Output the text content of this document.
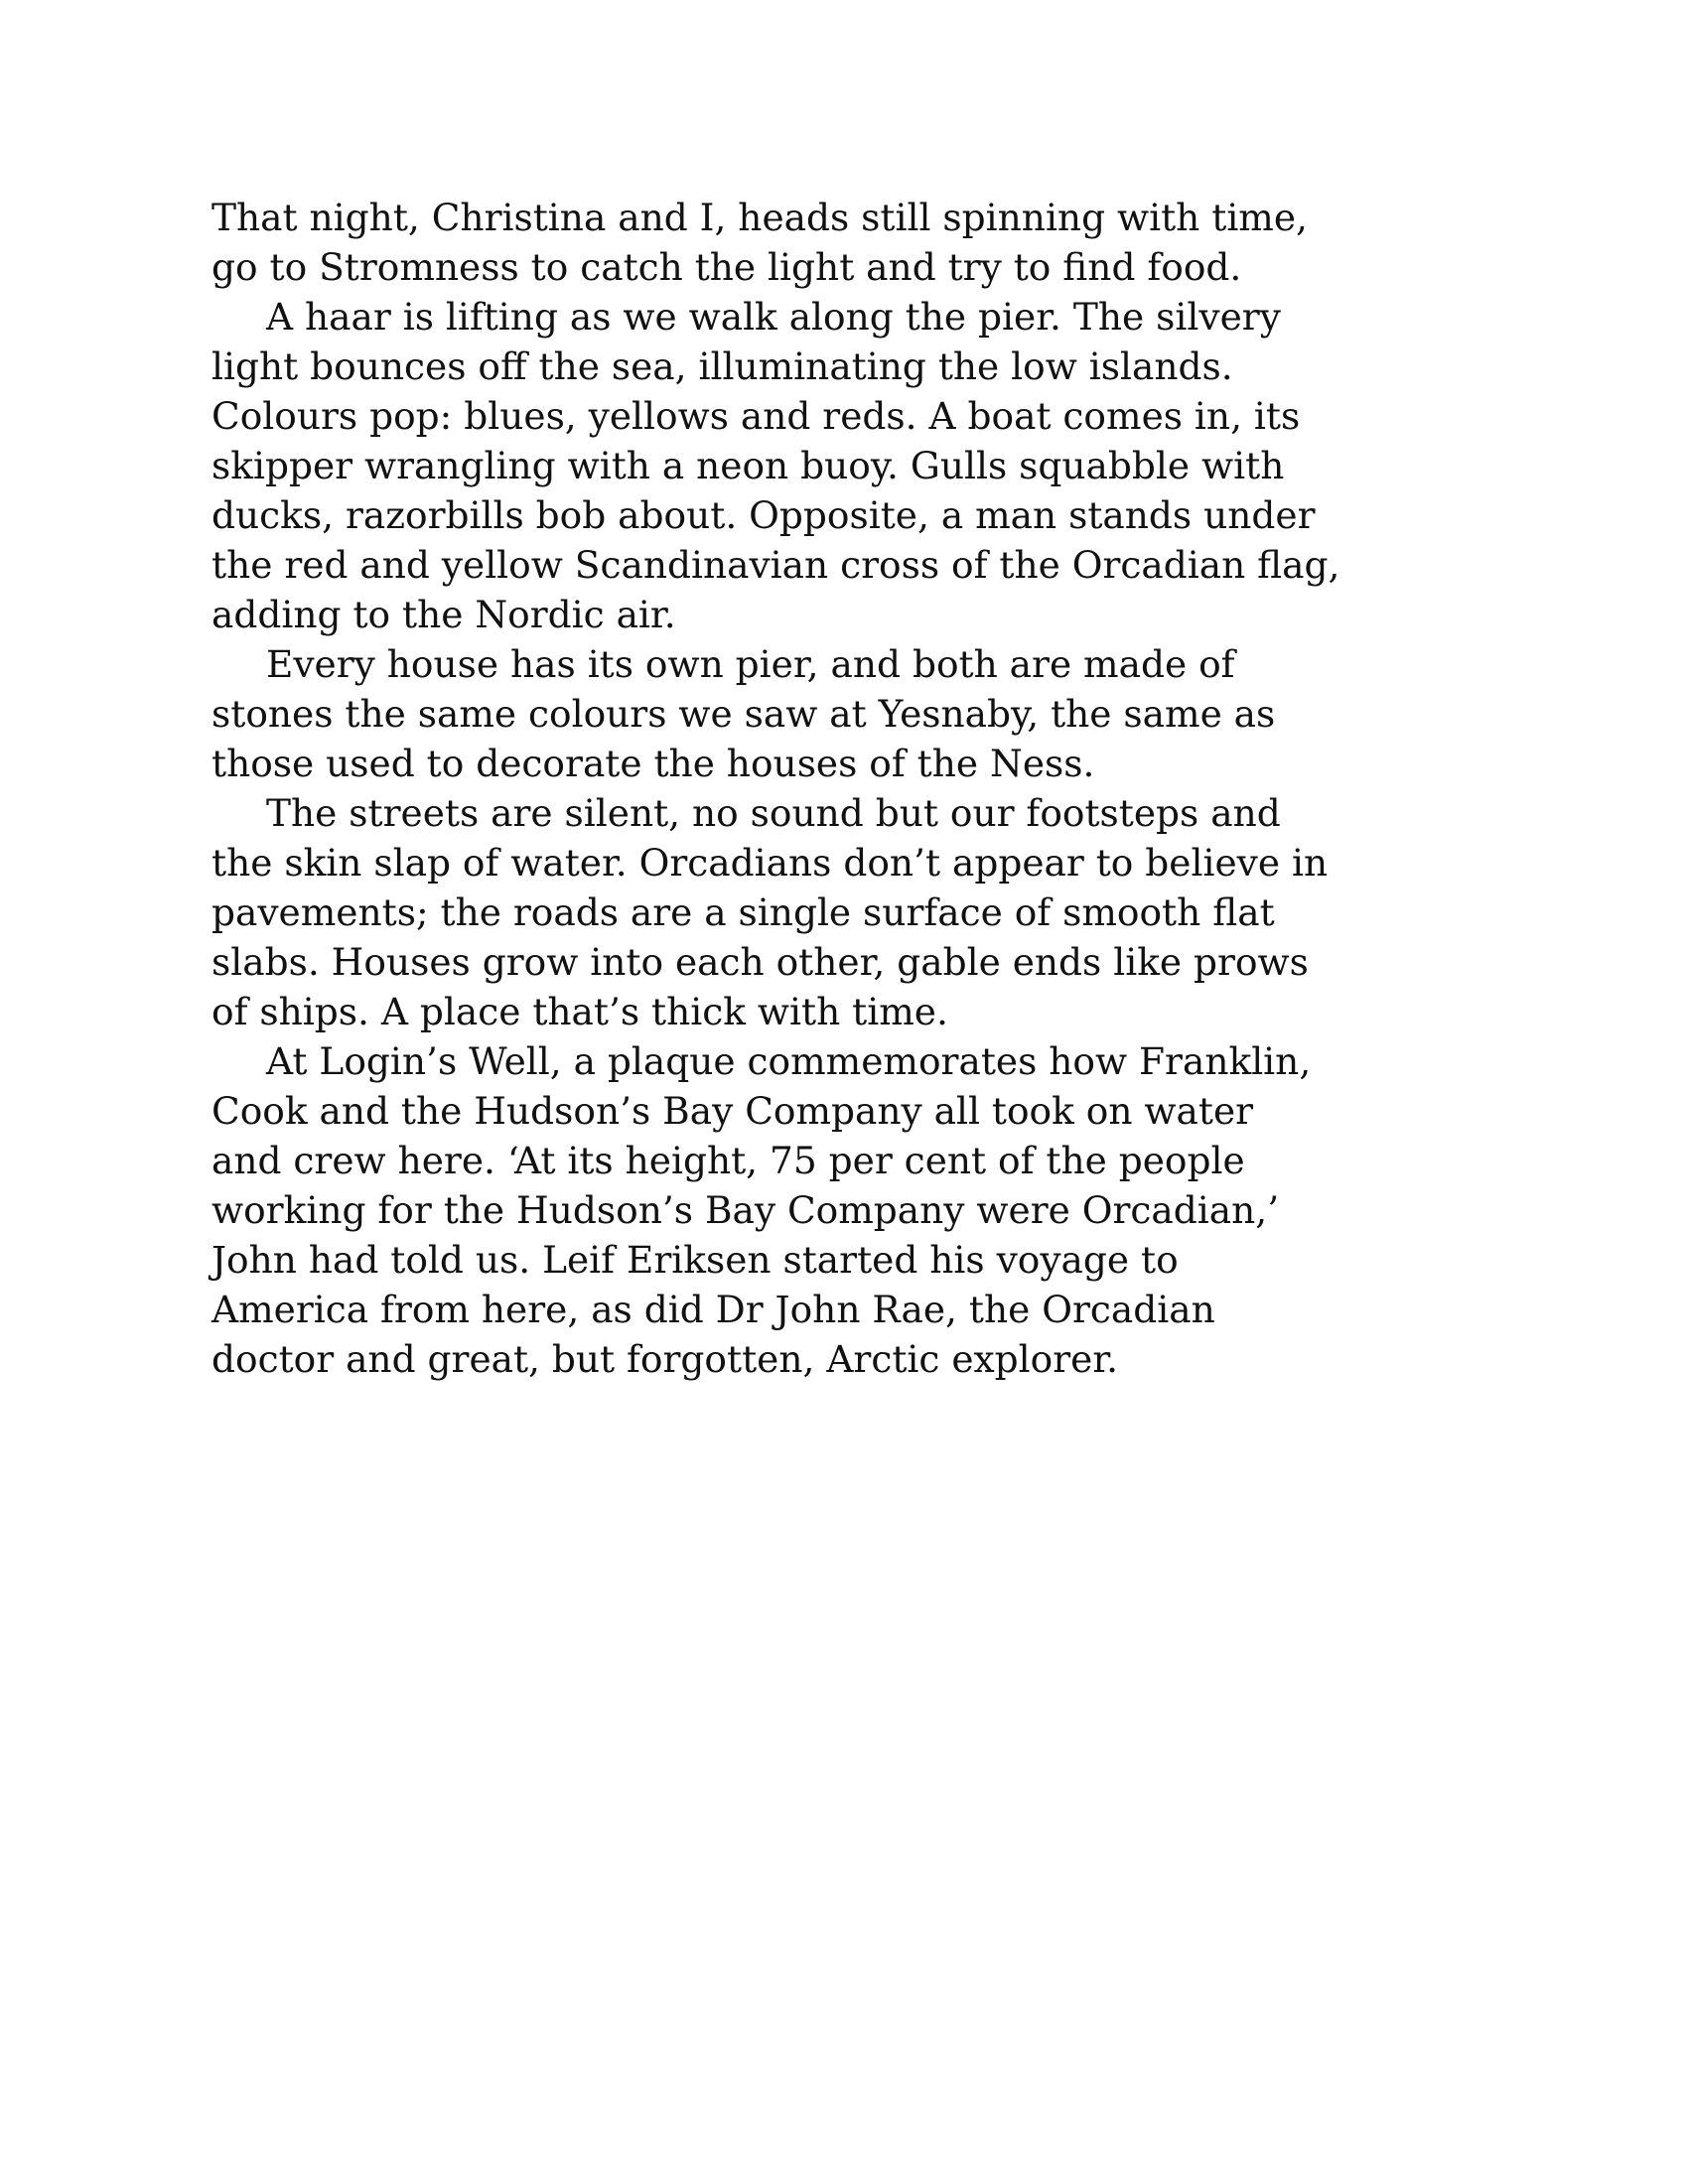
That night, Christina and I, heads still spinning with time,
go to Stromness to catch the light and try to find food.
A haar is lifting as we walk along the pier. The silvery
light bounces off the sea, illuminating the low islands.
Colours pop: blues, yellows and reds. A boat comes in, its
skipper wrangling with a neon buoy. Gulls squabble with
ducks, razorbills bob about. Opposite, a man stands under
the red and yellow Scandinavian cross of the Orcadian flag,
adding to the Nordic air.
Every house has its own pier, and both are made of
stones the same colours we saw at Yesnaby, the same as
those used to decorate the houses of the Ness.
The streets are silent, no sound but our footsteps and
the skin slap of water. Orcadians don’t appear to believe in
pavements; the roads are a single surface of smooth flat
slabs. Houses grow into each other, gable ends like prows
of ships. A place that’s thick with time.
At Login’s Well, a plaque commemorates how Franklin,
Cook and the Hudson’s Bay Company all took on water
and crew here. ‘At its height, 75 per cent of the people
working for the Hudson’s Bay Company were Orcadian,’
John had told us. Leif Eriksen started his voyage to
America from here, as did Dr John Rae, the Orcadian
doctor and great, but forgotten, Arctic explorer.
